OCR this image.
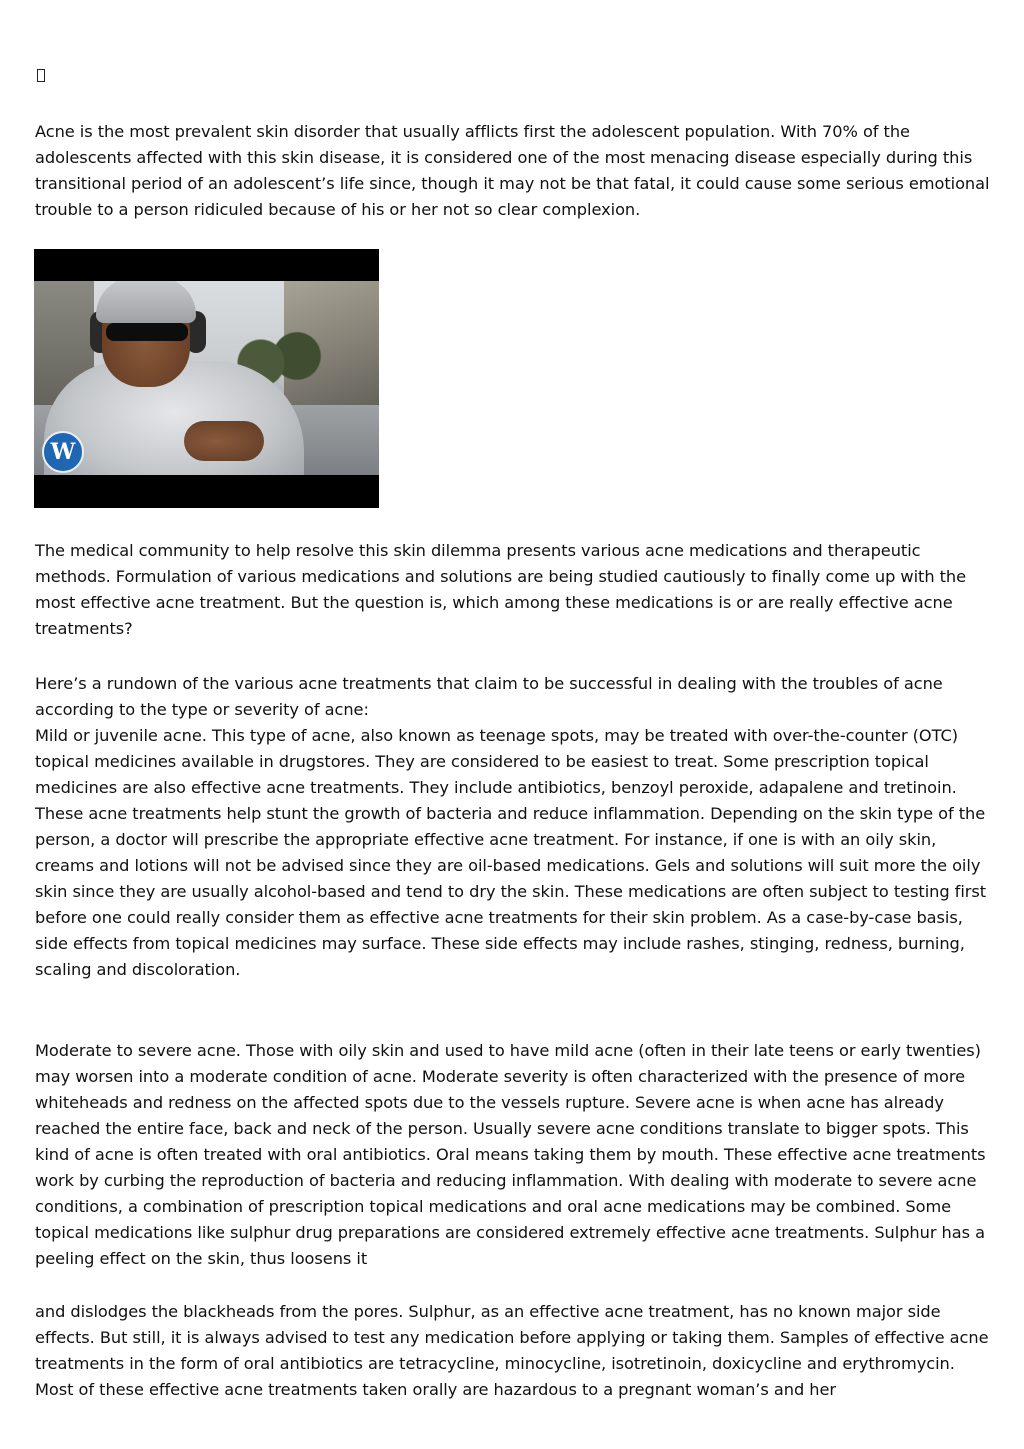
Acne is the most prevalent skin disorder that usually afflicts first the adolescent population. With 70% of the adolescents affected with this skin disease, it is considered one of the most menacing disease especially during this transitional period of an adolescent’s life since, though it may not be that fatal, it could cause some serious emotional trouble to a person ridiculed because of his or her not so clear complexion.

W

The medical community to help resolve this skin dilemma presents various acne medications and therapeutic methods. Formulation of various medications and solutions are being studied cautiously to finally come up with the most effective acne treatment. But the question is, which among these medications is or are really effective acne treatments?

Here’s a rundown of the various acne treatments that claim to be successful in dealing with the troubles of acne according to the type or severity of acne:

Mild or juvenile acne. This type of acne, also known as teenage spots, may be treated with over-the-counter (OTC) topical medicines available in drugstores. They are considered to be easiest to treat. Some prescription topical medicines are also effective acne treatments. They include antibiotics, benzoyl peroxide, adapalene and tretinoin. These acne treatments help stunt the growth of bacteria and reduce inflammation. Depending on the skin type of the person, a doctor will prescribe the appropriate effective acne treatment. For instance, if one is with an oily skin, creams and lotions will not be advised since they are oil-based medications. Gels and solutions will suit more the oily skin since they are usually alcohol-based and tend to dry the skin. These medications are often subject to testing first before one could really consider them as effective acne treatments for their skin problem. As a case-by-case basis, side effects from topical medicines may surface. These side effects may include rashes, stinging, redness, burning, scaling and discoloration.

Moderate to severe acne. Those with oily skin and used to have mild acne (often in their late teens or early twenties) may worsen into a moderate condition of acne. Moderate severity is often characterized with the presence of more whiteheads and redness on the affected spots due to the vessels rupture. Severe acne is when acne has already reached the entire face, back and neck of the person. Usually severe acne conditions translate to bigger spots. This kind of acne is often treated with oral antibiotics. Oral means taking them by mouth. These effective acne treatments work by curbing the reproduction of bacteria and reducing inflammation. With dealing with moderate to severe acne conditions, a combination of prescription topical medications and oral acne medications may be combined. Some topical medications like sulphur drug preparations are considered extremely effective acne treatments. Sulphur has a peeling effect on the skin, thus loosens it

and dislodges the blackheads from the pores. Sulphur, as an effective acne treatment, has no known major side effects. But still, it is always advised to test any medication before applying or taking them. Samples of effective acne treatments in the form of oral antibiotics are tetracycline, minocycline, isotretinoin, doxicycline and erythromycin. Most of these effective acne treatments taken orally are hazardous to a pregnant woman’s and her
